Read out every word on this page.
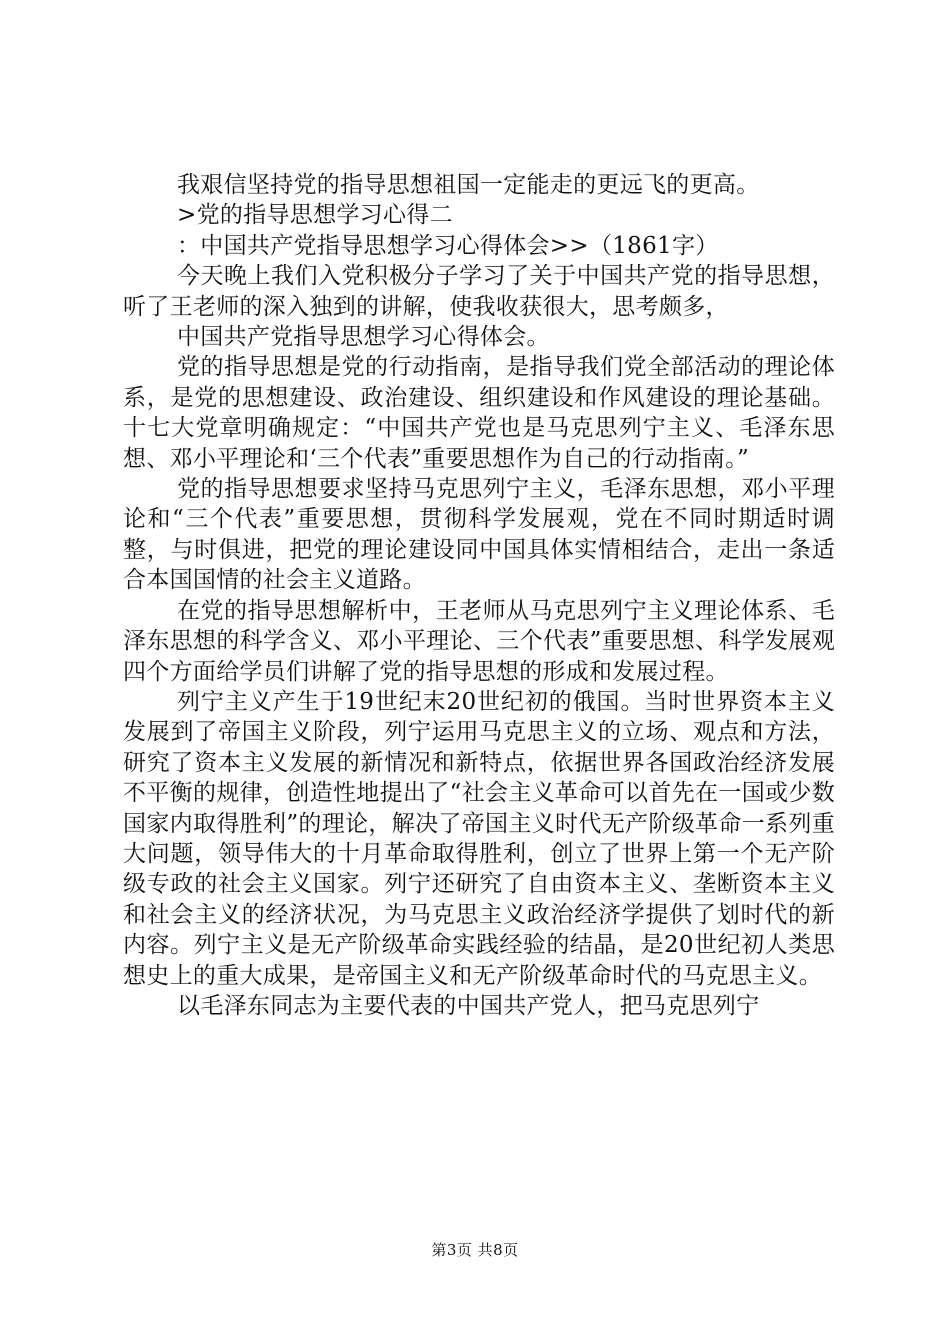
我艰信坚持党的指导思想祖国一定能走的更远飞的更高。

>党的指导思想学习心得二

：中国共产党指导思想学习心得体会>>（1861字）

今天晚上我们入党积极分子学习了关于中国共产党的指导思想，听了王老师的深入独到的讲解，使我收获很大，思考颇多，

中国共产党指导思想学习心得体会。

党的指导思想是党的行动指南，是指导我们党全部活动的理论体系，是党的思想建设、政治建设、组织建设和作风建设的理论基础。十七大党章明确规定：“中国共产党也是马克思列宁主义、毛泽东思想、邓小平理论和‘三个代表”重要思想作为自己的行动指南。”

党的指导思想要求坚持马克思列宁主义，毛泽东思想，邓小平理论和“三个代表”重要思想，贯彻科学发展观，党在不同时期适时调整，与时俱进，把党的理论建设同中国具体实情相结合，走出一条适合本国国情的社会主义道路。

在党的指导思想解析中，王老师从马克思列宁主义理论体系、毛泽东思想的科学含义、邓小平理论、三个代表”重要思想、科学发展观四个方面给学员们讲解了党的指导思想的形成和发展过程。

列宁主义产生于19世纪末20世纪初的俄国。当时世界资本主义发展到了帝国主义阶段，列宁运用马克思主义的立场、观点和方法，研究了资本主义发展的新情况和新特点，依据世界各国政治经济发展不平衡的规律，创造性地提出了“社会主义革命可以首先在一国或少数国家内取得胜利”的理论，解决了帝国主义时代无产阶级革命一系列重大问题，领导伟大的十月革命取得胜利，创立了世界上第一个无产阶级专政的社会主义国家。列宁还研究了自由资本主义、垄断资本主义和社会主义的经济状况，为马克思主义政治经济学提供了划时代的新内容。列宁主义是无产阶级革命实践经验的结晶，是20世纪初人类思想史上的重大成果，是帝国主义和无产阶级革命时代的马克思主义。

以毛泽东同志为主要代表的中国共产党人，把马克思列宁

第3页 共8页
